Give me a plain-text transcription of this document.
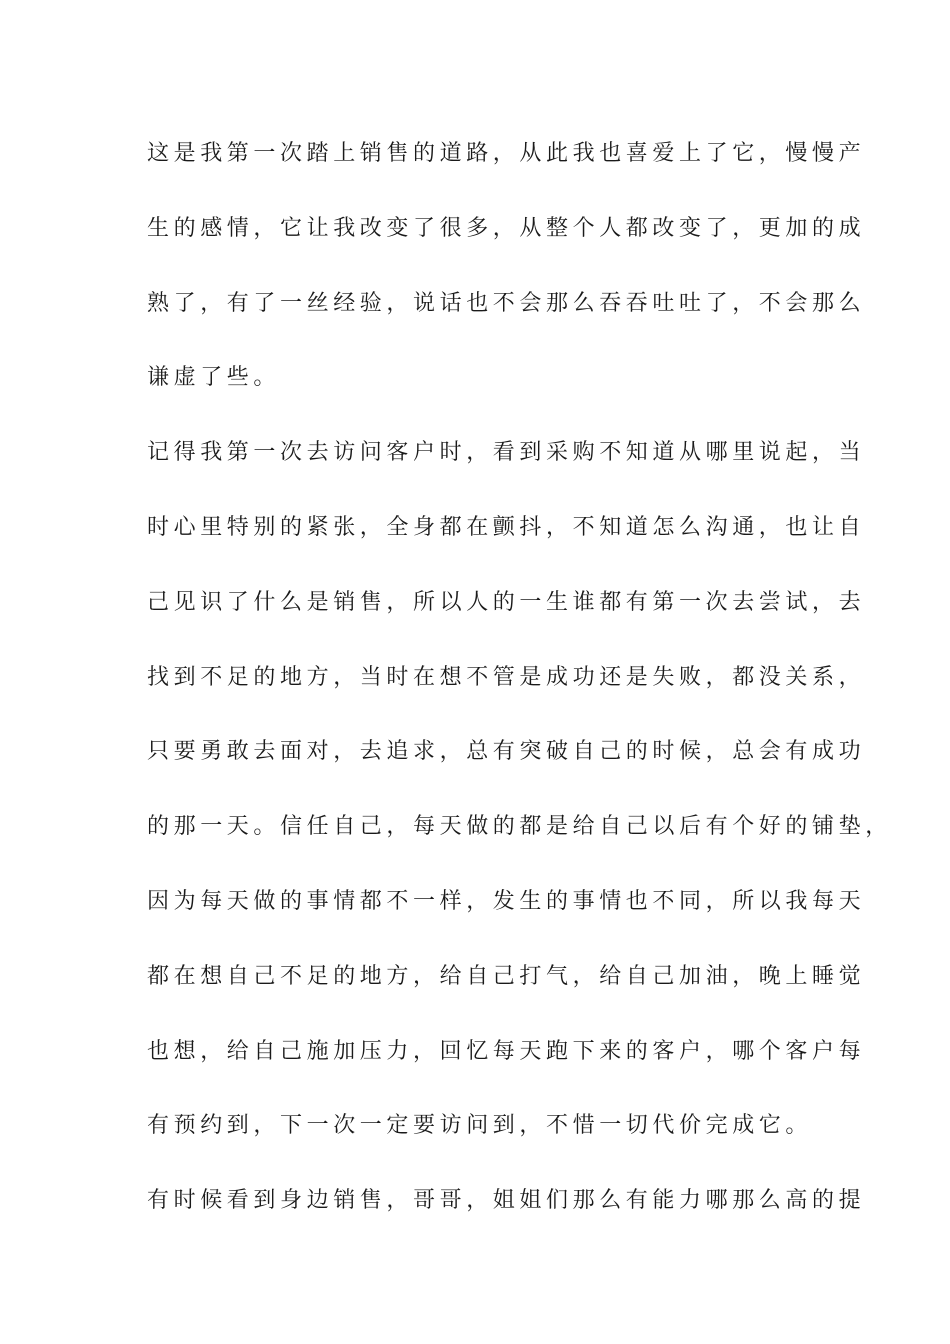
这是我第一次踏上销售的道路，从此我也喜爱上了它，慢慢产
生的感情，它让我改变了很多，从整个人都改变了，更加的成
熟了，有了一丝经验，说话也不会那么吞吞吐吐了，不会那么
谦虚了些。
记得我第一次去访问客户时，看到采购不知道从哪里说起，当
时心里特别的紧张，全身都在颤抖，不知道怎么沟通，也让自
己见识了什么是销售，所以人的一生谁都有第一次去尝试，去
找到不足的地方，当时在想不管是成功还是失败，都没关系，
只要勇敢去面对，去追求，总有突破自己的时候，总会有成功
的那一天。信任自己，每天做的都是给自己以后有个好的铺垫，
因为每天做的事情都不一样，发生的事情也不同，所以我每天
都在想自己不足的地方，给自己打气，给自己加油，晚上睡觉
也想，给自己施加压力，回忆每天跑下来的客户，哪个客户每
有预约到，下一次一定要访问到，不惜一切代价完成它。
有时候看到身边销售，哥哥，姐姐们那么有能力哪那么高的提
